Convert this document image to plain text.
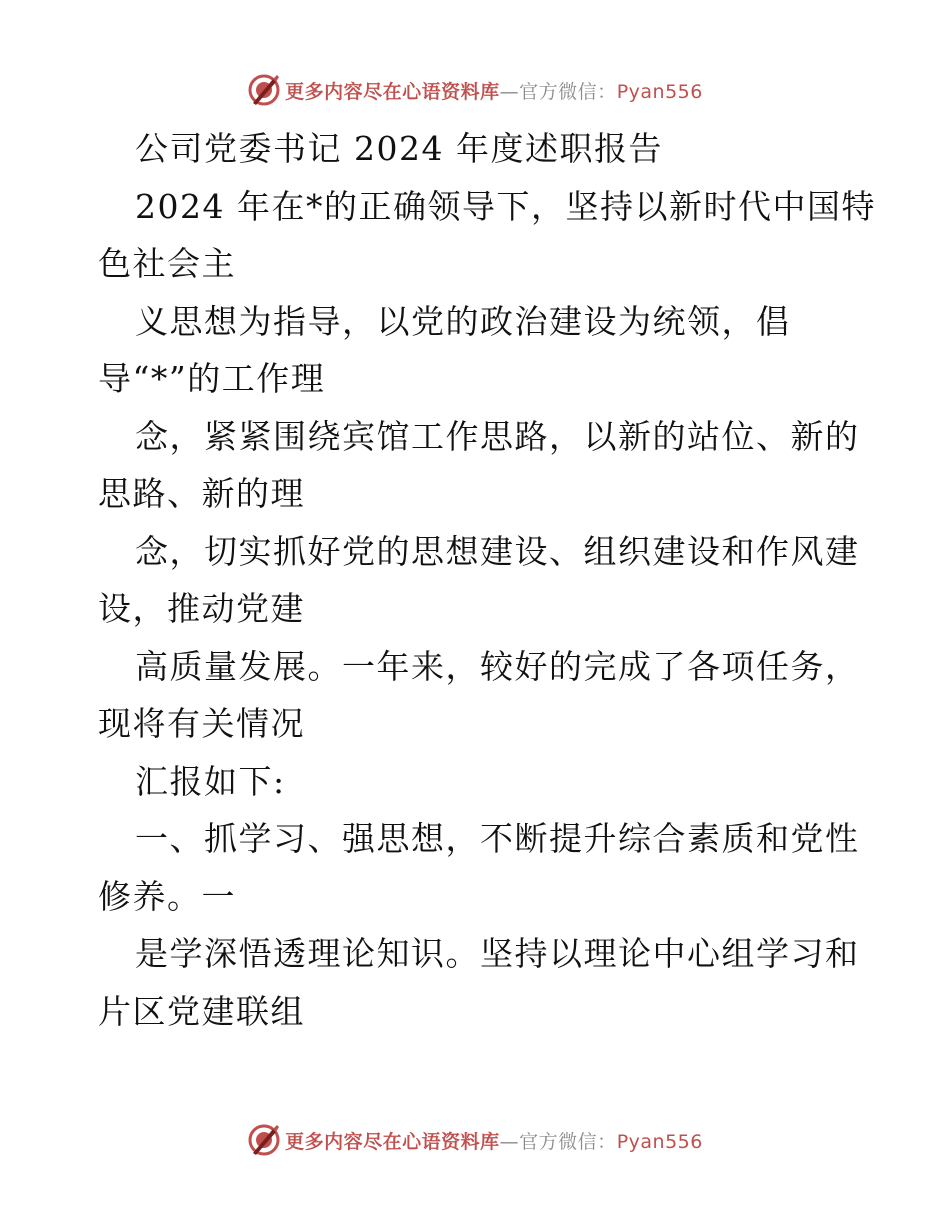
更多内容尽在心语资料库—官方微信：Pyan556
公司党委书记 2024 年度述职报告
2024 年在*的正确领导下，坚持以新时代中国特
色社会主
义思想为指导，以党的政治建设为统领，倡
导“*”的工作理
念，紧紧围绕宾馆工作思路，以新的站位、新的
思路、新的理
念，切实抓好党的思想建设、组织建设和作风建
设，推动党建
高质量发展。一年来，较好的完成了各项任务，
现将有关情况
汇报如下:
一、抓学习、强思想，不断提升综合素质和党性
修养。一
是学深悟透理论知识。坚持以理论中心组学习和
片区党建联组
更多内容尽在心语资料库—官方微信：Pyan556
